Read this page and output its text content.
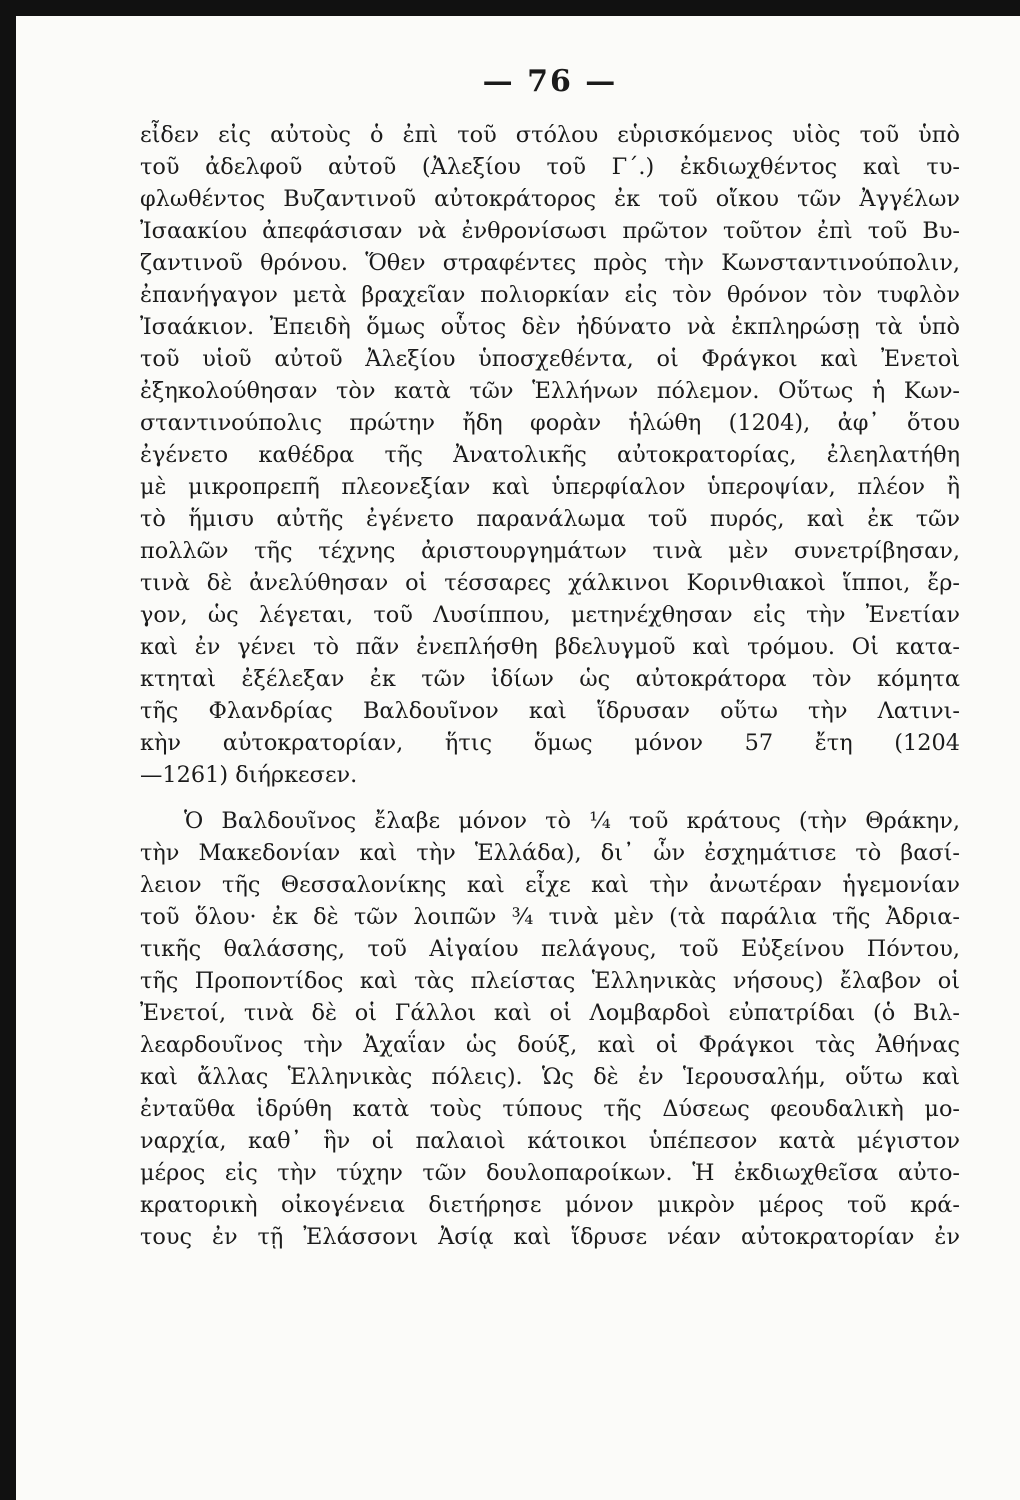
— 76 —
εἶδεν εἰς αὐτοὺς ὁ ἐπὶ τοῦ στόλου εὑρισκόμενος υἱὸς τοῦ ὑπὸ
τοῦ ἀδελφοῦ αὐτοῦ (Ἀλεξίου τοῦ Γ΄.) ἐκδιωχθέντος καὶ τυ-
φλωθέντος Βυζαντινοῦ αὐτοκράτορος ἐκ τοῦ οἴκου τῶν Ἀγγέλων
Ἰσαακίου ἀπεφάσισαν νὰ ἐνθρονίσωσι πρῶτον τοῦτον ἐπὶ τοῦ Βυ-
ζαντινοῦ θρόνου. Ὅθεν στραφέντες πρὸς τὴν Κωνσταντινούπολιν,
ἐπανήγαγον μετὰ βραχεῖαν πολιορκίαν εἰς τὸν θρόνον τὸν τυφλὸν
Ἰσαάκιον. Ἐπειδὴ ὅμως οὗτος δὲν ἠδύνατο νὰ ἐκπληρώσῃ τὰ ὑπὸ
τοῦ υἱοῦ αὐτοῦ Ἀλεξίου ὑποσχεθέντα, οἱ Φράγκοι καὶ Ἐνετοὶ
ἐξηκολούθησαν τὸν κατὰ τῶν Ἑλλήνων πόλεμον. Οὕτως ἡ Κων-
σταντινούπολις πρώτην ἤδη φορὰν ἡλώθη (1204), ἀφ᾽ ὅτου
ἐγένετο καθέδρα τῆς Ἀνατολικῆς αὐτοκρατορίας, ἐλεηλατήθη
μὲ μικροπρεπῆ πλεονεξίαν καὶ ὑπερφίαλον ὑπεροψίαν, πλέον ἢ
τὸ ἥμισυ αὐτῆς ἐγένετο παρανάλωμα τοῦ πυρός, καὶ ἐκ τῶν
πολλῶν τῆς τέχνης ἀριστουργημάτων τινὰ μὲν συνετρίβησαν,
τινὰ δὲ ἀνελύθησαν οἱ τέσσαρες χάλκινοι Κορινθιακοὶ ἵπποι, ἔρ-
γον, ὡς λέγεται, τοῦ Λυσίππου, μετηνέχθησαν εἰς τὴν Ἐνετίαν
καὶ ἐν γένει τὸ πᾶν ἐνεπλήσθη βδελυγμοῦ καὶ τρόμου. Οἱ κατα-
κτηταὶ ἐξέλεξαν ἐκ τῶν ἰδίων ὡς αὐτοκράτορα τὸν κόμητα
τῆς Φλανδρίας Βαλδουῖνον καὶ ἵδρυσαν οὕτω τὴν Λατινι-
κὴν αὐτοκρατορίαν, ἥτις ὅμως μόνον 57 ἔτη (1204
—1261) διήρκεσεν.
Ὁ Βαλδουῖνος ἔλαβε μόνον τὸ ¼ τοῦ κράτους (τὴν Θράκην,
τὴν Μακεδονίαν καὶ τὴν Ἑλλάδα), δι᾽ ὧν ἐσχημάτισε τὸ βασί-
λειον τῆς Θεσσαλονίκης καὶ εἶχε καὶ τὴν ἀνωτέραν ἡγεμονίαν
τοῦ ὅλου· ἐκ δὲ τῶν λοιπῶν ¾ τινὰ μὲν (τὰ παράλια τῆς Ἀδρια-
τικῆς θαλάσσης, τοῦ Αἰγαίου πελάγους, τοῦ Εὐξείνου Πόντου,
τῆς Προποντίδος καὶ τὰς πλείστας Ἑλληνικὰς νήσους) ἔλαβον οἱ
Ἐνετοί, τινὰ δὲ οἱ Γάλλοι καὶ οἱ Λομβαρδοὶ εὐπατρίδαι (ὁ Βιλ-
λεαρδουῖνος τὴν Ἀχαΐαν ὡς δούξ, καὶ οἱ Φράγκοι τὰς Ἀθήνας
καὶ ἄλλας Ἑλληνικὰς πόλεις). Ὡς δὲ ἐν Ἱερουσαλήμ, οὕτω καὶ
ἐνταῦθα ἱδρύθη κατὰ τοὺς τύπους τῆς Δύσεως φεουδαλικὴ μο-
ναρχία, καθ᾽ ἣν οἱ παλαιοὶ κάτοικοι ὑπέπεσον κατὰ μέγιστον
μέρος εἰς τὴν τύχην τῶν δουλοπαροίκων. Ἡ ἐκδιωχθεῖσα αὐτο-
κρατορικὴ οἰκογένεια διετήρησε μόνον μικρὸν μέρος τοῦ κρά-
τους ἐν τῇ Ἐλάσσονι Ἀσίᾳ καὶ ἵδρυσε νέαν αὐτοκρατορίαν ἐν
